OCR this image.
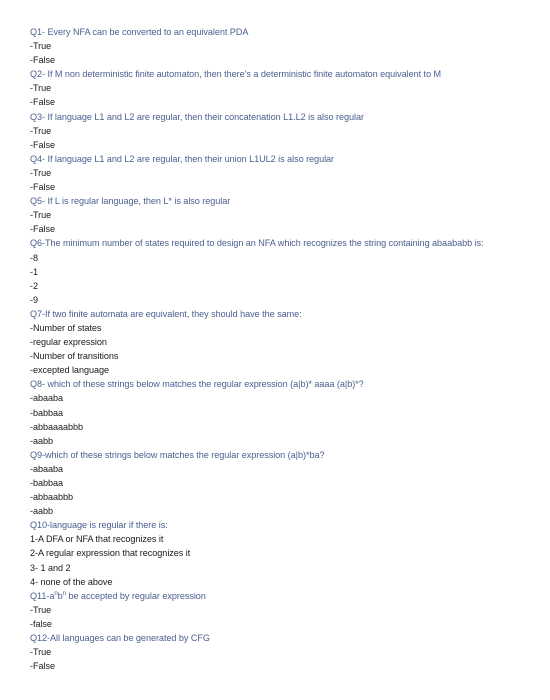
Q1- Every NFA can be converted to an equivalent PDA
-True
-False
Q2- If M non deterministic finite automaton, then there’s a deterministic finite automaton equivalent to M
-True
-False
Q3- If language L1 and L2 are regular, then their concatenation L1.L2 is also regular
-True
-False
Q4- If language L1 and L2 are regular, then their union L1UL2 is also regular
-True
-False
Q5- If L is regular language, then L* is also regular
-True
-False
Q6-The minimum number of states required to design an NFA which recognizes the string containing abaababb is:
-8
-1
-2
-9
Q7-If two finite automata are equivalent, they should have the same:
-Number of states
-regular expression
-Number of transitions
-excepted language
Q8- which of these strings below matches the regular expression (a|b)* aaaa (a|b)*?
-abaaba
-babbaa
-abbaaaabbb
-aabb
Q9-which of these strings below matches the regular expression (a|b)*ba?
-abaaba
-babbaa
-abbaabbb
-aabb
Q10-language is regular if there is:
1-A DFA or NFA that recognizes it
2-A regular expression that recognizes it
3- 1 and 2
4- none of the above
$Q11-a^nb^n$ be accepted by regular expression
-True
-false
Q12-All languages can be generated by CFG
-True
-False
